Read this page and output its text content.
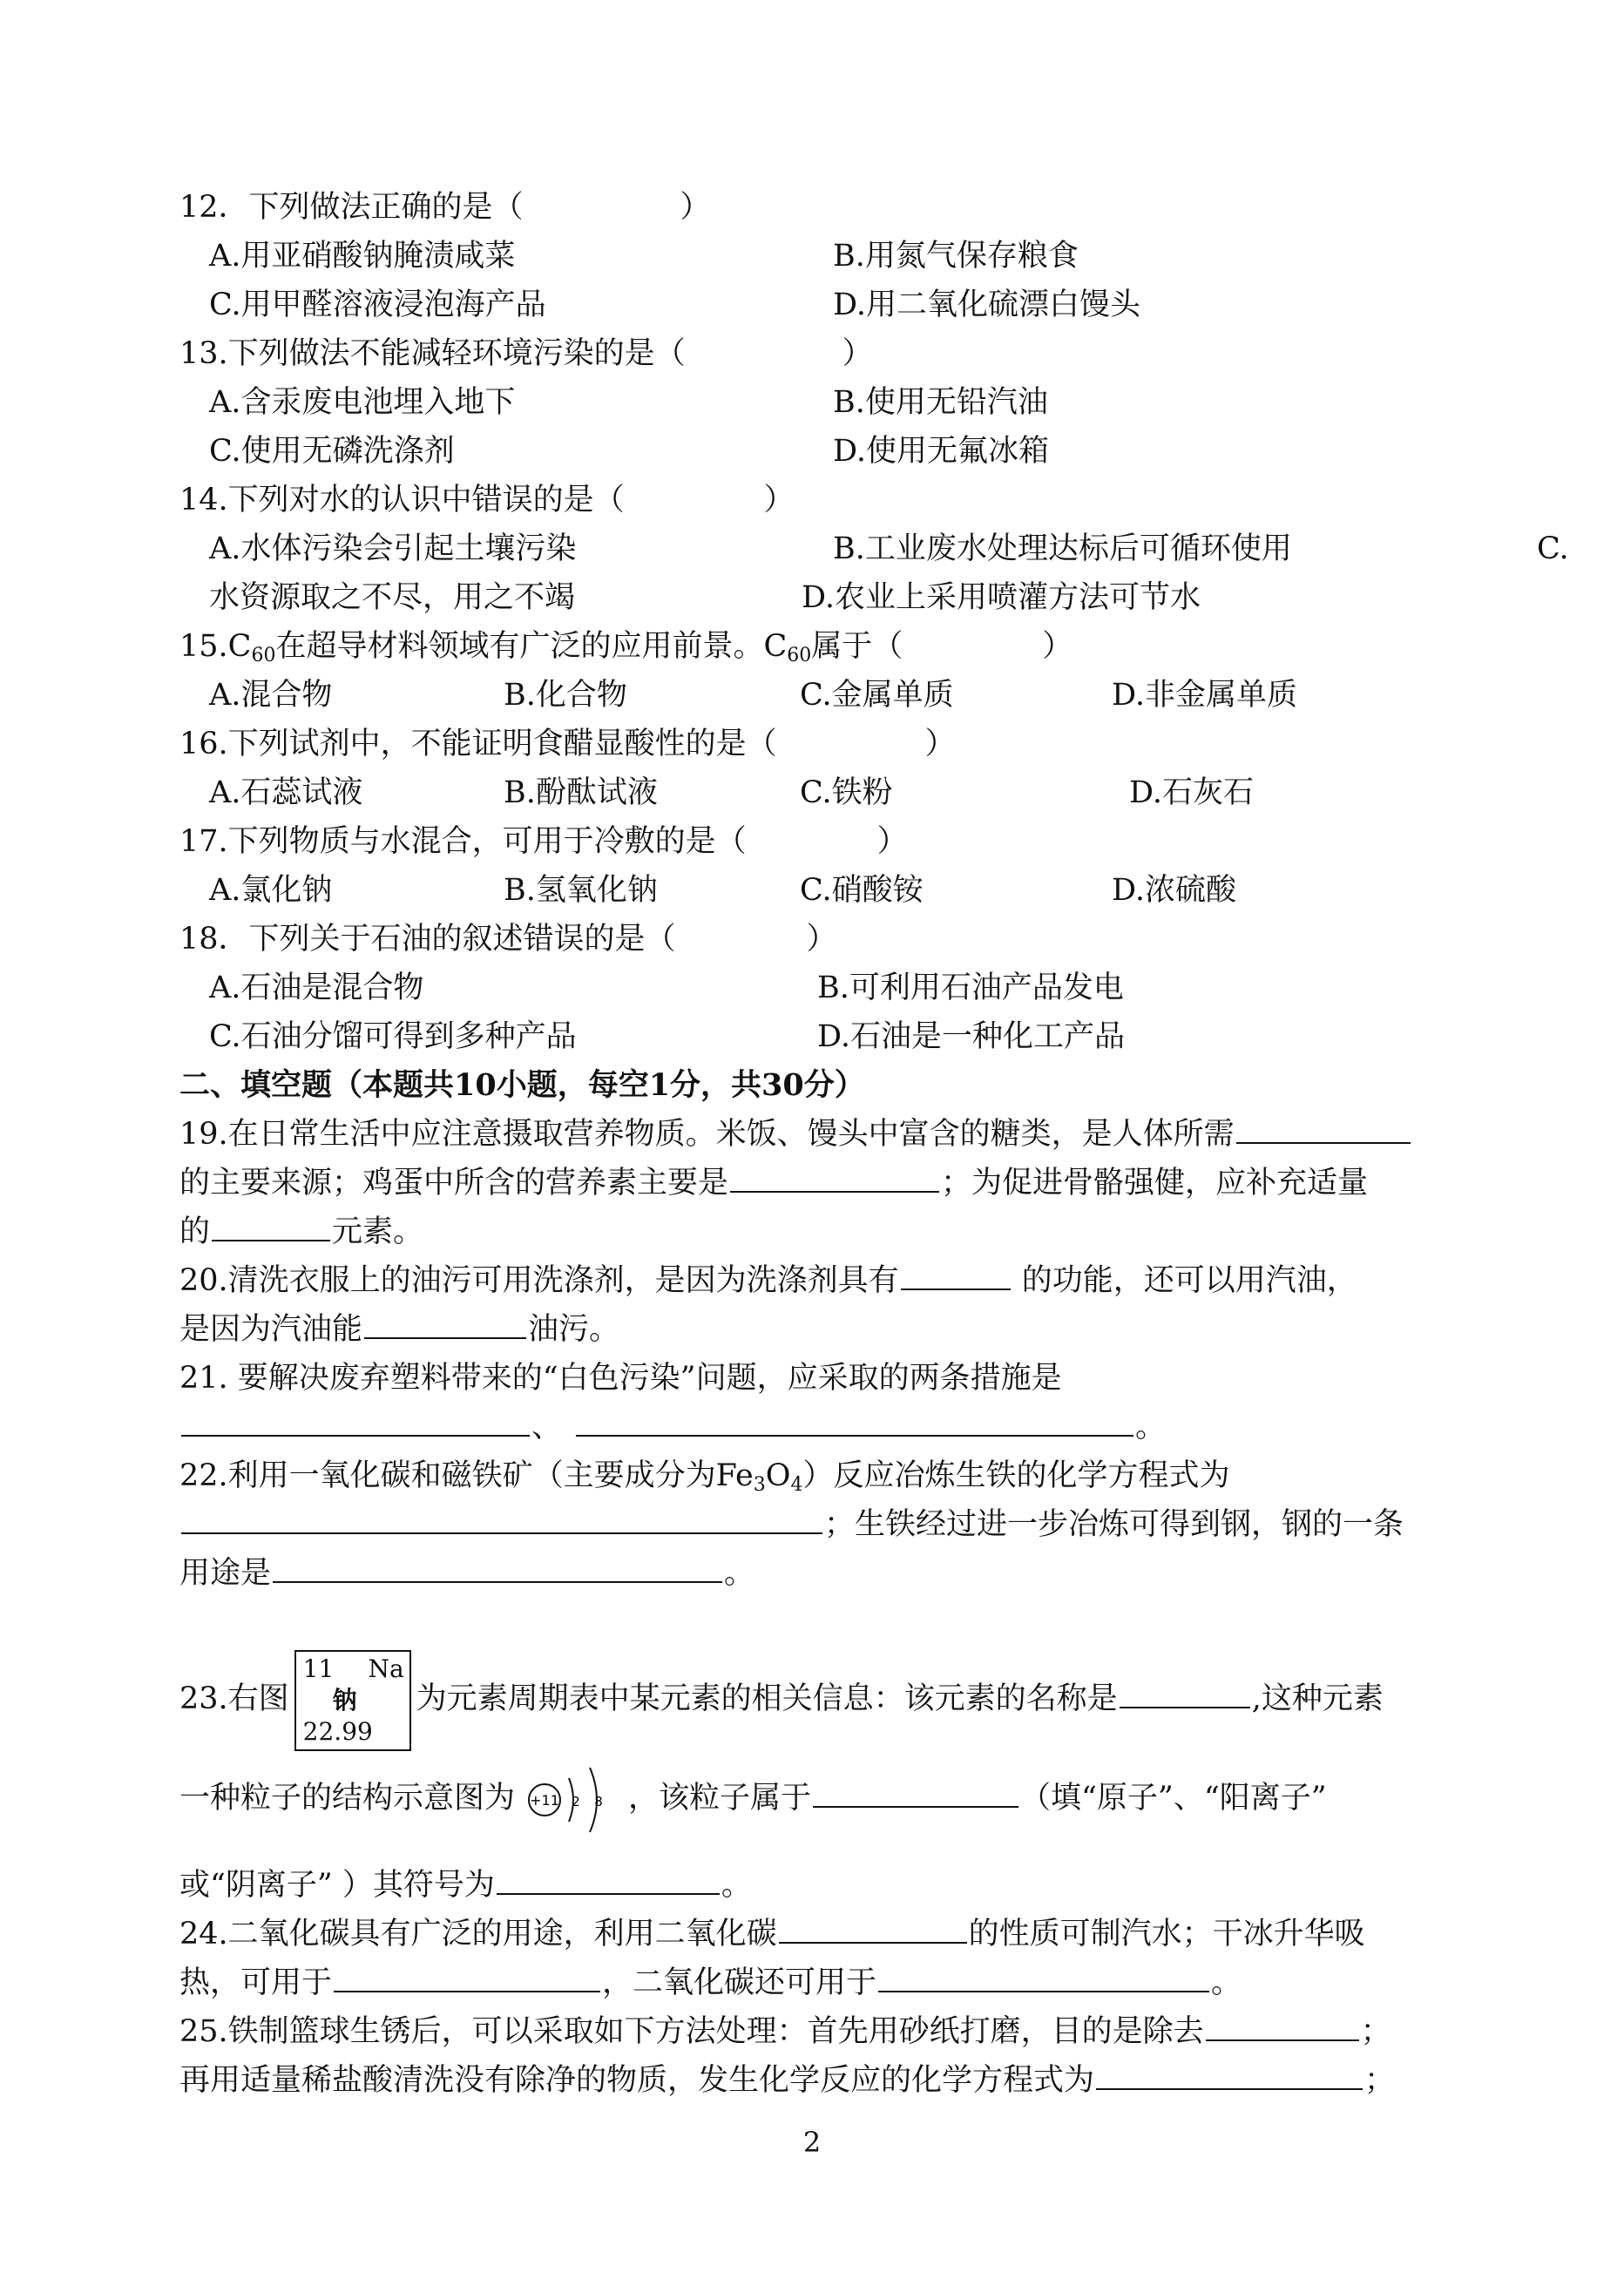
12．下列做法正确的是（	）
A.用亚硝酸钠腌渍咸菜	B.用氮气保存粮食
C.用甲醛溶液浸泡海产品	D.用二氧化硫漂白馒头
13.下列做法不能减轻环境污染的是（	）
A.含汞废电池埋入地下	B.使用无铅汽油
C.使用无磷洗涤剂	D.使用无氟冰箱
14.下列对水的认识中错误的是（	）
A.水体污染会引起土壤污染	B.工业废水处理达标后可循环使用	C.
水资源取之不尽，用之不竭	D.农业上采用喷灌方法可节水
$15.C_{60}$在超导材料领域有广泛的应用前景。$C_{60}$属于（	）
A.混合物	B.化合物	C.金属单质	D.非金属单质
16.下列试剂中，不能证明食醋显酸性的是（	）
A.石蕊试液	B.酚酞试液	C.铁粉	D.石灰石
17.下列物质与水混合，可用于冷敷的是（	）
A.氯化钠	B.氢氧化钠	C.硝酸铵	D.浓硫酸
18．下列关于石油的叙述错误的是（	）
A.石油是混合物	B.可利用石油产品发电
C.石油分馏可得到多种产品	D.石油是一种化工产品
二、填空题（本题共10小题，每空1分，共30分）
19.在日常生活中应注意摄取营养物质。米饭、馒头中富含的糖类，是人体所需
的主要来源；鸡蛋中所含的营养素主要是	；为促进骨骼强健，应补充适量
的	元素。
20.清洗衣服上的油污可用洗涤剂，是因为洗涤剂具有	的功能，还可以用汽油，
是因为汽油能	油污。
21. 要解决废弃塑料带来的“白色污染”问题，应采取的两条措施是
、	。
22.利用一氧化碳和磁铁矿（主要成分为$Fe_3O_4$）反应冶炼生铁的化学方程式为
；生铁经过进一步冶炼可得到钢，钢的一条
用途是	。
23.右图
11 Na
钠
22.99
为元素周期表中某元素的相关信息：该元素的名称是	,这种元素
一种粒子的结构示意图为 +11 2 8 ，该粒子属于	（填“原子”、“阳离子”
或“阴离子” ）其符号为	。
24.二氧化碳具有广泛的用途，利用二氧化碳	的性质可制汽水；干冰升华吸
热，可用于	，二氧化碳还可用于	。
25.铁制篮球生锈后，可以采取如下方法处理：首先用砂纸打磨，目的是除去	；
再用适量稀盐酸清洗没有除净的物质，发生化学反应的化学方程式为	；
2
